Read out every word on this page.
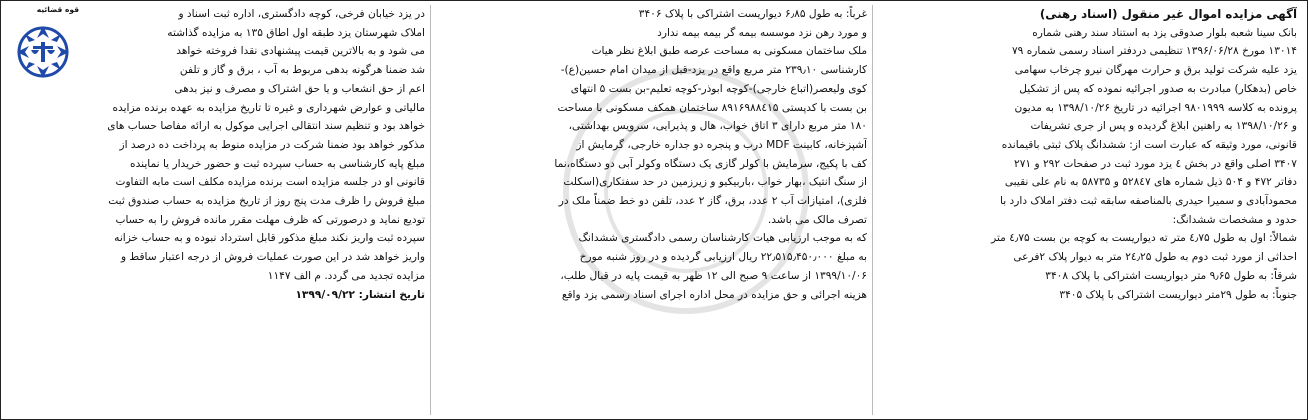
آگهی مزایده اموال غیر منقول (اسناد رهنی)
بانک سینا شعبه بلوار صدوقی یزد به استناد سند رهنی شماره
۱۳۰۱۴ مورخ ۱۳۹۶/۰۶/۲۸ تنظیمی دردفتر اسناد رسمی شماره ۷۹
یزد علیه شرکت تولید برق و حرارت مهرگان نیرو چرخاب سهامی
خاص (بدهکار) مبادرت به صدور اجرائیه نموده که پس از تشکیل
پرونده به کلاسه ۹۸۰۱۹۹۹ اجرائیه در تاریخ ۱۳۹۸/۱۰/۲۶ به مدیون
و ۱۳۹۸/۱۰/۲۶ به راهنین ابلاغ گردیده و پس از جری تشریفات
قانونی، مورد وثیقه که عبارت است از: ششدانگ پلاک ثبتی باقیمانده
۳۴۰۷ اصلی واقع در بخش ٤ یزد مورد ثبت در صفحات ۲۹۲ و ۲۷۱
دفاتر ۴۷۲ و ۵۰۴ ذیل شماره های ۵۲۸٤۷ و ۵۸۷۳۵ به نام علی نقیبی
محمودآبادی و سمیرا حیدری بالمناصفه سابقه ثبت دفتر املاک دارد با
حدود و مشخصات ششدانگ:
شمالاً: اول به طول ٤٫۷۵ متر ته دیواریست به کوچه بن بست ٤٫۷۵ متر
احداثی از مورد ثبت دوم به طول ۲٤٫۲۵ متر به دیوار پلاک ۲فرعی
شرقاً: به طول ۹٫۶۵ متر دیواریست اشتراکی با پلاک ۳۴۰۸
جنوباً: به طول ۲۹متر دیواریست اشتراکی با پلاک ۳۴۰۵
غرباً: به طول ۶٫۸۵ دیواریست اشتراکی با پلاک ۳۴۰۶
و مورد رهن نزد موسسه بیمه گر بیمه بیمه ندارد
ملک ساختمان مسکونی به مساحت عرصه طبق ابلاغ نظر هیات
کارشناسی ۲۳۹٫۱۰ متر مربع واقع در یزد-قبل از میدان امام حسین(ع)-
کوی ولیعصر(اتباع خارجی)-کوچه ابوذر-کوچه تعلیم-بن بست ۵ انتهای
بن بست با کدپستی ۸۹۱۶۹۸۸٤۱۵ ساختمان همکف مسکونی با مساحت
۱۸۰ متر مربع دارای ۳ اتاق خواب، هال و پذیرایی، سرویس بهداشتی،
آشپزخانه، کابینت MDF درب و پنجره دو جداره خارجی، گرمایش از
کف با پکیج، سرمایش با کولر گازی یک دستگاه وکولر آبی دو دستگاه،نما
از سنگ انتیک ،بهار خواب ،باربیکیو و زیرزمین در حد سفتکاری(اسکلت
فلزی)، امتیازات آب ۲ عدد، برق، گاز ۲ عدد، تلفن دو خط ضمناً ملک در
تصرف مالک می باشد.
که به موجب ارزیابی هیات کارشناسان رسمی دادگستری ششدانگ
به مبلغ ۲۲٫۵۱۵٫۴۵۰٫۰۰۰ ریال ارزیابی گردیده و در روز شنبه مورخ
۱۳۹۹/۱۰/۰۶ از ساعت ۹ صبح الی ۱۲ ظهر به قیمت پایه در قبال طلب،
هزینه اجرائی و حق مزایده در محل اداره اجرای اسناد رسمی یزد واقع
در یزد خیابان فرخی، کوچه دادگستری، اداره ثبت اسناد و
املاک شهرستان یزد طبقه اول اطاق ۱۳۵ به مزایده گذاشته
می شود و به بالاترین قیمت پیشنهادی نقدا فروخته خواهد
شد ضمنا هرگونه بدهی مربوط به آب ، برق و گاز و تلفن
اعم از حق انشعاب و یا حق اشتراک و مصرف و نیز بدهی
مالیاتی و عوارض شهرداری و غیره تا تاریخ مزایده به عهده برنده مزایده
خواهد بود و تنظیم سند انتقالی اجرایی موکول به ارائه مفاصا حساب های
مذکور خواهد بود ضمنا شرکت در مزایده منوط به پرداخت ده درصد از
مبلغ پایه کارشناسی به حساب سپرده ثبت و حضور خریدار یا نماینده
قانونی او در جلسه مزایده است برنده مزایده مکلف است مابه التفاوت
مبلغ فروش را ظرف مدت پنج روز از تاریخ مزایده به حساب صندوق ثبت
تودیع نماید و درصورتی که ظرف مهلت مقرر مانده فروش را به حساب
سپرده ثبت واریز نکند مبلغ مذکور قابل استرداد نبوده و به حساب خزانه
واریز خواهد شد در این صورت عملیات فروش از درجه اعتبار ساقط و
مزایده تجدید می گردد. م الف ۱۱۴۷
تاریخ انتشار: ۱۳۹۹/۰۹/۲۲
قوه قضائیه
